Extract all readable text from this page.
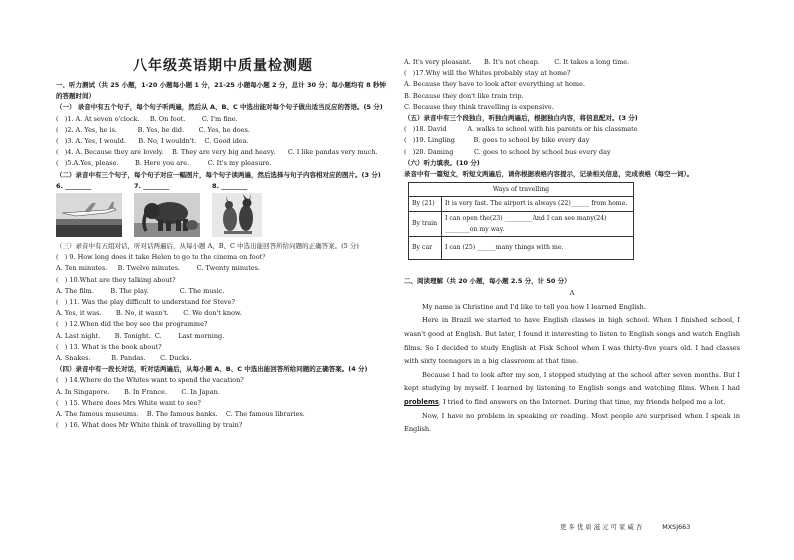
八年级英语期中质量检测题
一、听力测试（共 25 小题，1-20 小题每小题 1 分，21-25 小题每小题 2 分，总计 30 分；每小题均有 8 秒钟的答题时间）
（一） 录音中有五个句子，每个句子听两遍，然后从 A、B、C 中选出能对每个句子做出适当反应的答语。(5 分)
(   )1. A. At seven o'clock.     B. On foot.        C. I'm fine.
(   )2. A. Yes, he is.          B. Yes, he did.       C. Yes, he does.
(   )3. A. Yes, I would.      B. No, I wouldn't.    C. Good idea.
(   )4. A. Because they are lovely.    B. They are very big and heavy.      C. I like pandas very much.
(   )5.A.Yes, please.        B. Here you are.         C. It's my pleasure.
（二）录音中有三个句子，每个句子对应一幅图片，每个句子读两遍，然后选择与句子内容相对应的图片。(3 分)
6. ________	7. ________	8. ________
（三）录音中有五组对话，听对话两遍后，从每小题 A、B、C 中选出能回答所给问题的正确答案。(5 分)
(   ) 9. How long does it take Helen to go to the cinema on foot？
A. Ten minutes.     B. Twelve minutes.        C. Twenty minutes.
(   ) 10.What are they talking about?
A. The film.        B. The play.               C. The music.
(   ) 11. Was the play difficult to understand for Steve?
A. Yes, it was.       B. No, it wasn't.       C. We don't know.
(   ) 12.When did the boy see the programme?
A. Last night.       B. Tonight.  C.        Last morning.
(   ) 13. What is the book about?
A. Snakes.          B. Pandas.       C. Ducks.
（四）录音中有一段长对话，听对话两遍后，从每小题 A、B、C 中选出能回答所给问题的正确答案。(4 分)
(   ) 14.Where do the Whites want to spend the vacation?
A. In Singapore.       B. In France.       C. In Japan.
(   ) 15. Where does Mrs White want to see?
A. The famous museums.    B. The famous banks.    C. The famous libraries.
(   ) 16. What does Mr White think of travelling by train?
A. It's very pleasant.      B. It's not cheap.       C. It takes a long time.
(   )17.Why will the Whites probably stay at home?
A. Because they have to look after everything at home.
B. Because they don't like train trip.
C. Because they think travelling is expensive.
（五）录音中有三个段独白，听独白两遍后，根据独白内容，将信息配对。(3 分)
(   )18. David          A. walks to school with his parents or his classmate
(   )19. Lingling         B. goes to school by bike every day
(   )20. Daming          C. goes to school by school bus every day
（六）听力填表。(10 分)
录音中有一篇短文，听短文两遍后，请你根据表格内容提示，记录相关信息，完成表格（每空一词）。
Ways of travelling	
By (21)	It is very fast. The airport is always (22)______ from home.
By train	I can open the(23) _________And I can see many(24) ________on my way.
By car	I can (25) ______many things with me.
二、阅读理解（共 20 小题，每小题 2.5 分，计 50 分）
A
My name is Christine and I'd like to tell you how I learned English.
Here in Brazil we started to have English classes in high school. When I finished school, I wasn't good at English. But later, I found it interesting to listen to English songs and watch English films. So I decided to study English at Fisk School when I was thirty-five years old. I had classes with sixty teenagers in a big classroom at that time.
Because I had to look after my son, I stopped studying at the school after seven months. But I kept studying by myself. I learned by listening to English songs and watching films. When I had problems, I tried to find answers on the Internet. During that time, my friends helped me a lot.
Now, I have no problem in speaking or reading. Most people are surprised when I speak in English.
更 多 优 质 滋 元 可 家 威 杏	MXSJ663
